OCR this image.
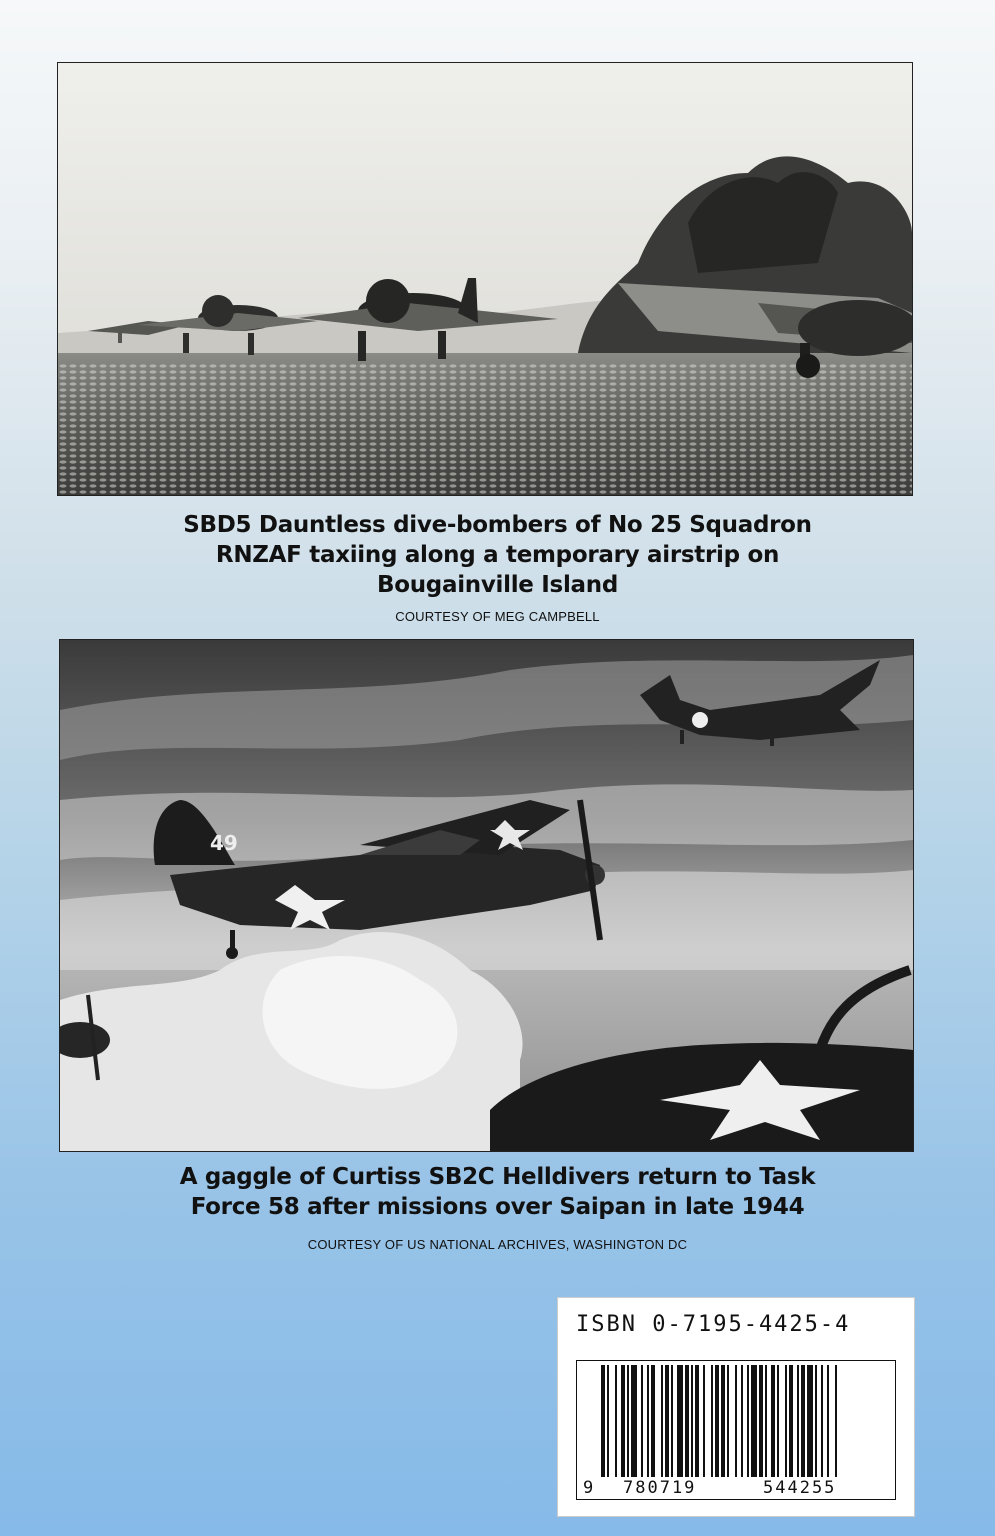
SBD5 Dauntless dive-bombers of No 25 Squadron
RNZAF taxiing along a temporary airstrip on
Bougainville Island
COURTESY OF MEG CAMPBELL
49
A gaggle of Curtiss SB2C Helldivers return to Task
Force 58 after missions over Saipan in late 1944
COURTESY OF US NATIONAL ARCHIVES, WASHINGTON DC
ISBN 0-7195-4425-4
9 780719	544255
